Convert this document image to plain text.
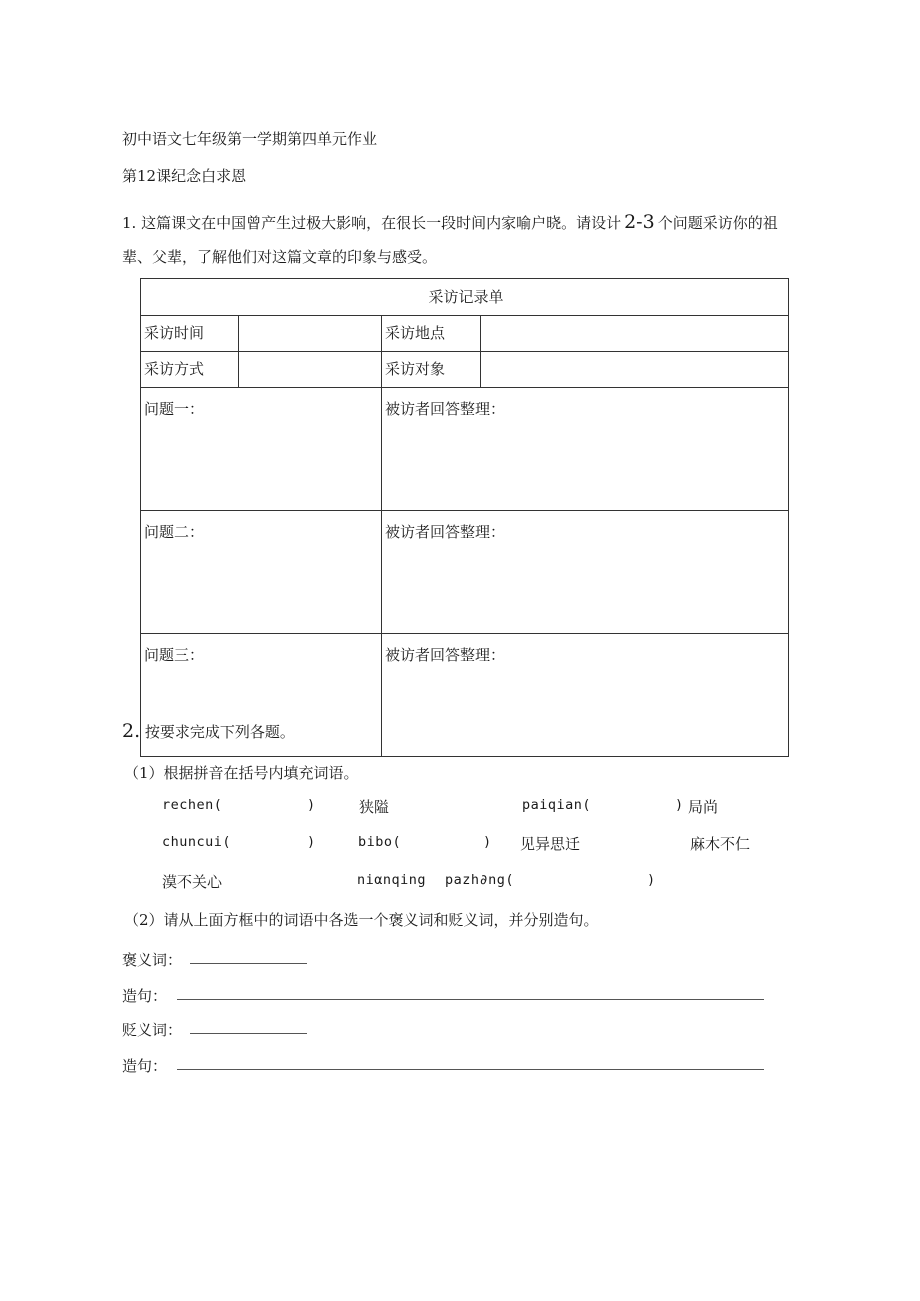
初中语文七年级第一学期第四单元作业
第12课纪念白求恩
1. 这篇课文在中国曾产生过极大影响，在很长一段时间内家喻户晓。请设计 2-3 个问题采访你的祖
辈、父辈，了解他们对这篇文章的印象与感受。
采访记录单			
采访时间		采访地点	
采访方式		采访对象	
问题一：		被访者回答整理：	
问题二：		被访者回答整理：	
问题三：		被访者回答整理：	
2. 按要求完成下列各题。
（1）根据拼音在括号内填充词语。
rechen(	)	狭隘	paiqian(	) 局尚
chuncui(	)	bibo(	) 见异思迁	麻木不仁
漠不关心	niαnqing pazh∂ng(	)
（2）请从上面方框中的词语中各选一个褒义词和贬义词，并分别造句。
褒义词：
造句：
贬义词：
造句：
